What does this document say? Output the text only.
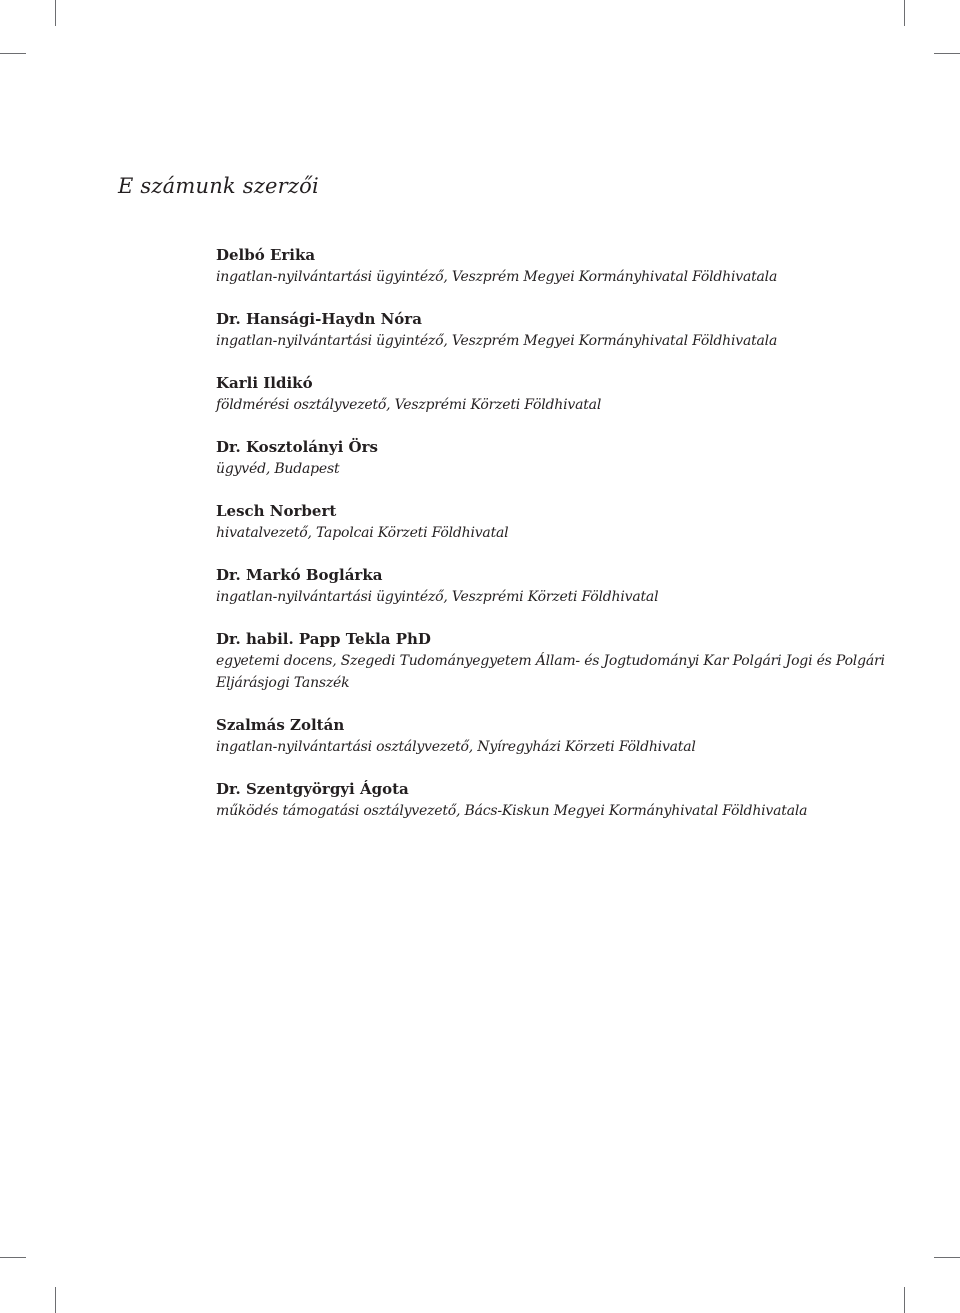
E számunk szerzői
Delbó Erika
ingatlan-nyilvántartási ügyintéző, Veszprém Megyei Kormányhivatal Földhivatala
Dr. Hansági-Haydn Nóra
ingatlan-nyilvántartási ügyintéző, Veszprém Megyei Kormányhivatal Földhivatala
Karli Ildikó
földmérési osztályvezető, Veszprémi Körzeti Földhivatal
Dr. Kosztolányi Örs
ügyvéd, Budapest
Lesch Norbert
hivatalvezető, Tapolcai Körzeti Földhivatal
Dr. Markó Boglárka
ingatlan-nyilvántartási ügyintéző, Veszprémi Körzeti Földhivatal
Dr. habil. Papp Tekla PhD
egyetemi docens, Szegedi Tudományegyetem Állam- és Jogtudományi Kar Polgári Jogi és Polgári Eljárásjogi Tanszék
Szalmás Zoltán
ingatlan-nyilvántartási osztályvezető, Nyíregyházi Körzeti Földhivatal
Dr. Szentgyörgyi Ágota
működés támogatási osztályvezető, Bács-Kiskun Megyei Kormányhivatal Földhivatala
